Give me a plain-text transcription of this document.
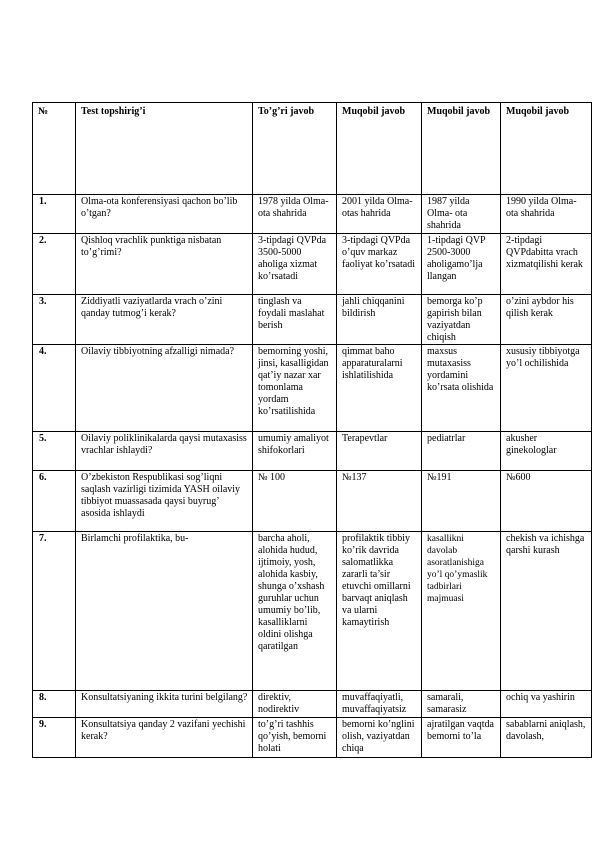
№	Test topshirig’i	To’g’ri javob	Muqobil javob	Muqobil javob	Muqobil javob
1.	Olma-ota konferensiyasi qachon bo’lib o’tgan?	1978 yilda Olma-ota shahrida	2001 yilda Olma- otas hahrida	1987 yilda Olma- ota shahrida	1990 yilda Olma-ota shahrida
2.	Qishloq vrachlik punktiga nisbatan to’g’rimi?	3-tipdagi QVPda 3500-5000 aholiga xizmat ko’rsatadi	3-tipdagi QVPda o’quv markaz faoliyat ko’rsatadi	1-tipdagi QVP 2500-3000 aholigamo’lja llangan	2-tipdagi QVPdabitta vrach xizmatqilishi kerak
3.	Ziddiyatli vaziyatlarda vrach o’zini qanday tutmog’i kerak?	tinglash va foydali maslahat berish	jahli chiqqanini bildirish	bemorga ko’p gapirish bilan vaziyatdan chiqish	o’zini aybdor his qilish kerak
4.	Oilaviy tibbiyotning afzalligi nimada?	bemorning yoshi, jinsi, kasalligidan qat’iy nazar xar tomonlama yordam ko’rsatilishida	qimmat baho apparaturalarni ishlatilishida	maxsus mutaxasiss yordamini ko’rsata olishida	xususiy tibbiyotga yo’l ochilishida
5.	Oilaviy poliklinikalarda qaysi mutaxasiss vrachlar ishlaydi?	umumiy amaliyot shifokorlari	Terapevtlar	pediatrlar	akusher ginekologlar
6.	O’zbekiston Respublikasi sog’liqni saqlash vazirligi tizimida YASH oilaviy tibbiyot muassasada qaysi buyrug’ asosida ishlaydi	№ 100	№137	№191	№600
7.	Birlamchi profilaktika, bu-	barcha aholi, alohida hudud, ijtimoiy, yosh, alohida kasbiy, shunga o’xshash guruhlar uchun umumiy bo’lib, kasalliklarni oldini olishga qaratilgan	profilaktik tibbiy ko’rik davrida salomatlikka zararli ta’sir etuvchi omillarni barvaqt aniqlash va ularni kamaytirish	kasallikni davolab asoratlanishiga yo’l qo’ymaslik tadbirlari majmuasi	chekish va ichishga qarshi kurash
8.	Konsultatsiyaning ikkita turini belgilang?	direktiv, nodirektiv	muvaffaqiyatli, muvaffaqiyatsiz	samarali, samarasiz	ochiq va yashirin
9.	Konsultatsiya qanday 2 vazifani yechishi kerak?	to’g’ri tashhis qo’yish, bemorni holati	bemorni ko’nglini olish, vaziyatdan chiqa	ajratilgan vaqtda bemorni to’la	sabablarni aniqlash, davolash,
